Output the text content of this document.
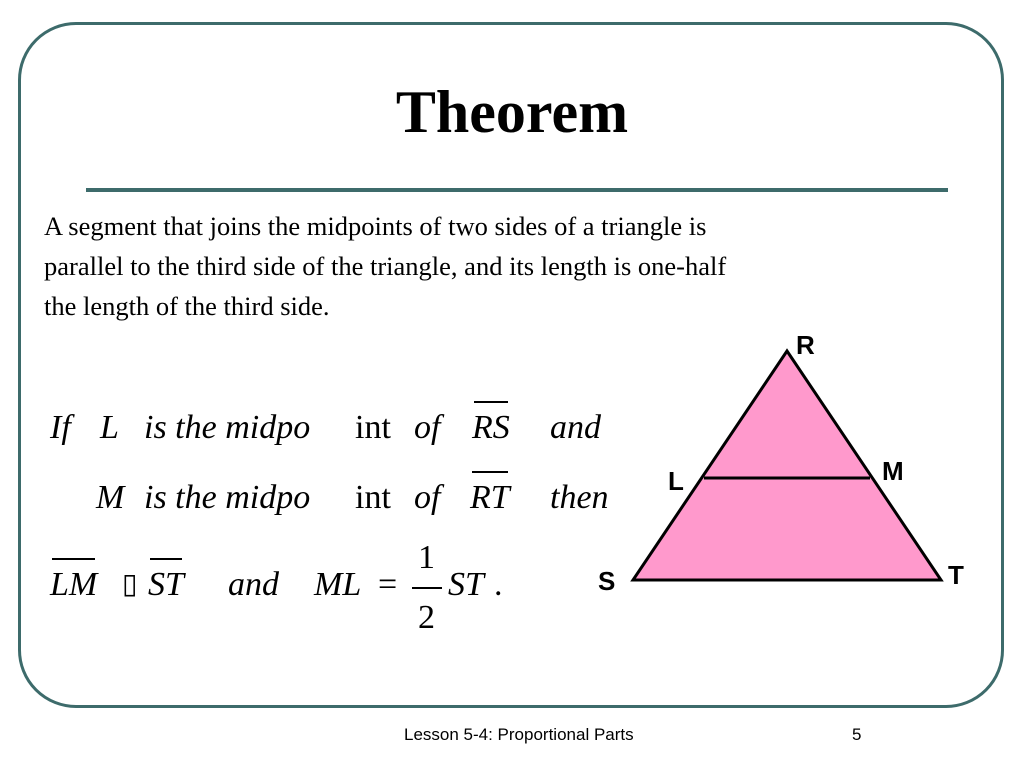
Theorem
A segment that joins the midpoints of two sides of a triangle is
parallel to the third side of the triangle, and its length is one-half
the length of the third side.
If L is the midpo int of RS and
M is the midpo int of RT then
LM ▯ ST and ML =
1
2
ST .
R
L	M
S	T
Lesson 5-4: Proportional Parts	5
